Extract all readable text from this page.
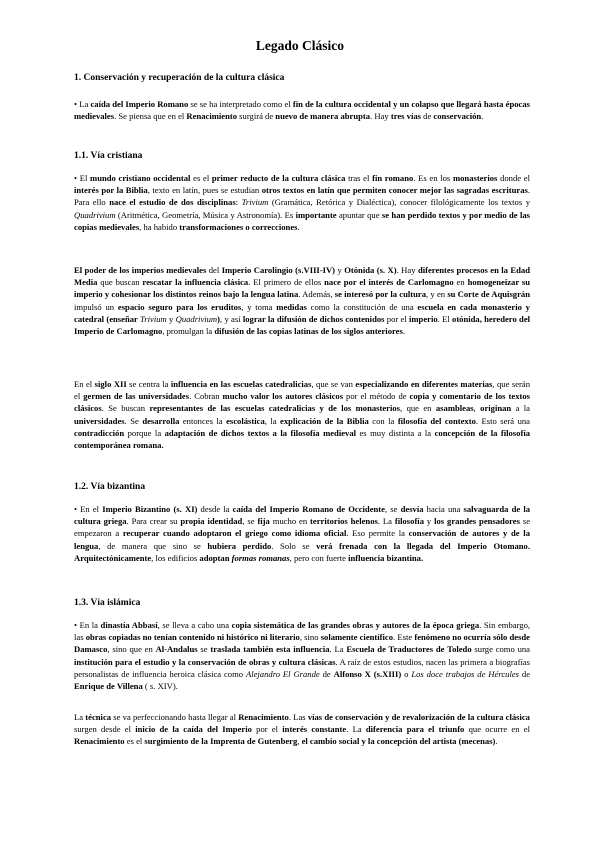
Legado Clásico
1. Conservación y recuperación de la cultura clásica

• La caída del Imperio Romano se se ha interpretado como el fin de la cultura occidental y un colapso que llegará hasta épocas medievales. Se piensa que en el Renacimiento surgirá de nuevo de manera abrupta. Hay tres vías de conservación.

1.1. Vía cristiana

• El mundo cristiano occidental es el primer reducto de la cultura clásica tras el fin romano. Es en los monasterios donde el interés por la Biblia, texto en latín, pues se estudian otros textos en latín que permiten conocer mejor las sagradas escrituras. Para ello nace el estudio de dos disciplinas: Trivium (Gramática, Retórica y Dialéctica), conocer filológicamente los textos y Quadrivium (Aritmética, Geometría, Música y Astronomía). Es importante apuntar que se han perdido textos y por medio de las copias medievales, ha habido transformaciones o correcciones.

El poder de los imperios medievales del Imperio Carolingio (s.VIII-IV) y Otónida (s. X). Hay diferentes procesos en la Edad Media que buscan rescatar la influencia clásica. El primero de ellos nace por el interés de Carlomagno en homogeneizar su imperio y cohesionar los distintos reinos bajo la lengua latina. Además, se interesó por la cultura, y en su Corte de Aquisgrán impulsó un espacio seguro para los eruditos, y toma medidas como la constitución de una escuela en cada monasterio y catedral (enseñar Trivium y Quadrivium), y así lograr la difusión de dichos contenidos por el imperio. El otónida, heredero del Imperio de Carlomagno, promulgan la difusión de las copias latinas de los siglos anteriores.

En el siglo XII se centra la influencia en las escuelas catedralicias, que se van especializando en diferentes materias, que serán el germen de las universidades. Cobran mucho valor los autores clásicos por el método de copia y comentario de los textos clásicos. Se buscan representantes de las escuelas catedralicias y de los monasterios, que en asambleas, originan a la universidades. Se desarrolla entonces la escolástica, la explicación de la Biblia con la filosofía del contexto. Esto será una contradicción porque la adaptación de dichos textos a la filosofía medieval es muy distinta a la concepción de la filosofía contemporánea romana.

1.2. Vía bizantina

• En el Imperio Bizantino (s. XI) desde la caída del Imperio Romano de Occidente, se desvía hacia una salvaguarda de la cultura griega. Para crear su propia identidad, se fija mucho en territorios helenos. La filosofía y los grandes pensadores se empezaron a recuperar cuando adoptaron el griego como idioma oficial. Eso permite la conservación de autores y de la lengua, de manera que sino se hubiera perdido. Solo se verá frenada con la llegada del Imperio Otomano. Arquitectónicamente, los edificios adoptan formas romanas, pero con fuerte influencia bizantina.

1.3. Vía islámica

• En la dinastía Abbasí, se lleva a cabo una copia sistemática de las grandes obras y autores de la época griega. Sin embargo, las obras copiadas no tenían contenido ni histórico ni literario, sino solamente científico. Este fenómeno no ocurría sólo desde Damasco, sino que en Al-Andalus se traslada también esta influencia. La Escuela de Traductores de Toledo surge como una institución para el estudio y la conservación de obras y cultura clásicas. A raíz de estos estudios, nacen las primera a biografías personalistas de influencia heroica clásica como Alejandro El Grande de Alfonso X (s.XIII) o Los doce trabajos de Hércules de Enrique de Villena ( s. XIV).

La técnica se va perfeccionando hasta llegar al Renacimiento. Las vías de conservación y de revalorización de la cultura clásica surgen desde el inicio de la caída del Imperio por el interés constante. La diferencia para el triunfo que ocurre en el Renacimiento es el surgimiento de la Imprenta de Gutenberg, el cambio social y la concepción del artista (mecenas).
